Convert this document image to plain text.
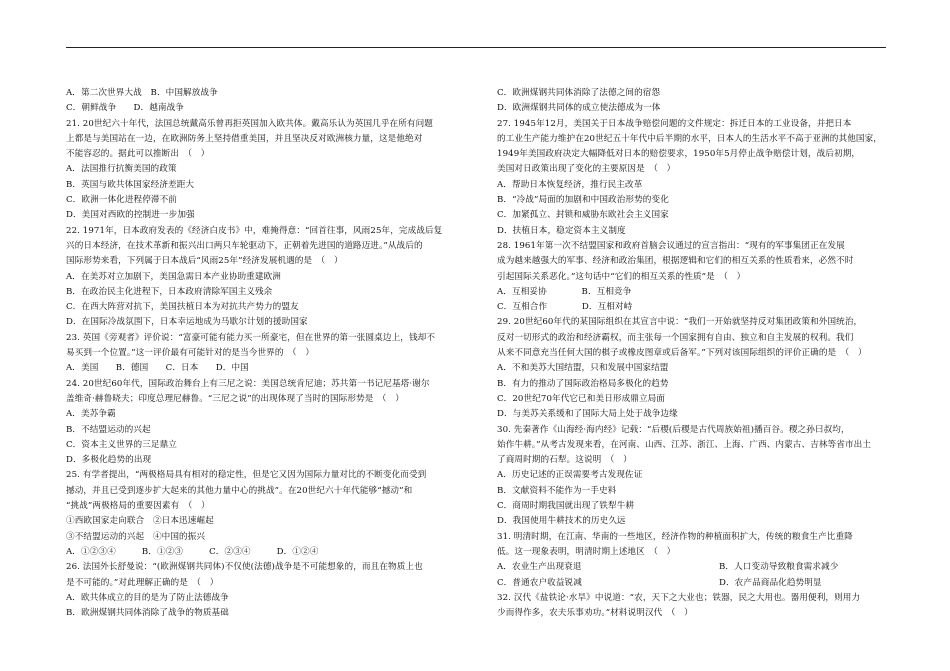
A．第二次世界大战　B．中国解放战争
C．朝鲜战争　　D．越南战争
21. 20世纪六十年代，法国总统戴高乐曾再拒英国加入欧共体。戴高乐认为英国几乎在所有问题
上都是与美国站在一边，在欧洲防务上坚持借重美国，并且坚决反对欧洲核力量，这是他绝对
不能容忍的。据此可以推断出　（　）
A．法国推行抗衡美国的政策
B．英国与欧共体国家经济差距大
C．欧洲一体化进程停滞不前
D．美国对西欧的控制进一步加强
22. 1971年，日本政府发表的《经济白皮书》中，难掩得意：“回首往事，风雨25年，完成战后复
兴的日本经济，在技术革新和振兴出口两只车轮驱动下，正朝着先进国的道路迈进。”从战后的
国际形势来看，下列属于日本战后“风雨25年”经济发展机遇的是　（　）
A．在美苏对立加剧下，美国急需日本产业协助重建欧洲
B．在政治民主化进程下，日本政府清除军国主义残余
C．在西大阵营对抗下，美国扶植日本为对抗共产势力的盟友
D．在国际冷战氛围下，日本幸运地成为马歇尔计划的援助国家
23. 英国《旁观者》评价说：“富豪可能有能力买一所豪宅，但在世界的第一张圆桌边上，钱却不
易买到一个位置。”这一评价最有可能针对的是当今世界的　（　）
A．美国　　B．德国　　C．日本　　D．中国
24. 20世纪60年代，国际政治舞台上有三尼之说：美国总统肯尼迪；苏共第一书记尼基塔·谢尔
盖维奇·赫鲁晓夫；印度总理尼赫鲁。“三尼之说”的出现体现了当时的国际形势是　（　）
A．美苏争霸
B．不结盟运动的兴起
C．资本主义世界的三足鼎立
D．多极化趋势的出现
25. 有学者提出，“两极格局具有相对的稳定性，但是它又因为国际力量对比的不断变化而受到
撼动，并且已受到逐步扩大起来的其他力量中心的挑战”。在20世纪六十年代能够“撼动”和
“挑战”两极格局的重要因素有　（　）
①西欧国家走向联合　②日本迅速崛起
③不结盟运动的兴起　④中国的振兴
A．①②③④　　　B．①②③　　　C．②③④　　　D．①②④
26. 法国外长舒曼说：“(欧洲煤钢共同体)不仅使(法德)战争是不可能想象的，而且在物质上也
是不可能的。”对此理解正确的是　（　）
A．欧共体成立的目的是为了防止法德战争
B．欧洲煤钢共同体消除了战争的物质基础
C．欧洲煤钢共同体消除了法德之间的宿怨
D．欧洲煤钢共同体的成立使法德成为一体
27. 1945年12月，美国关于日本战争赔偿问题的文件规定：拆迁日本的工业设备，并把日本
的工业生产能力维护在20世纪五十年代中后半期的水平，日本人的生活水平不高于亚洲的其他国家，
1949年美国政府决定大幅降低对日本的赔偿要求，1950年5月停止战争赔偿计划，战后初期，
美国对日政策出现了变化的主要原因是　（　）
A．帮助日本恢复经济，推行民主改革
B．“冷战”局面的加剧和中国政治形势的变化
C．加紧孤立、封锁和威胁东欧社会主义国家
D．扶植日本，稳定资本主义制度
28. 1961年第一次不结盟国家和政府首脑会议通过的宣言指出：“现有的军事集团正在发展
成为越来越强大的军事、经济和政治集团，根据逻辑和它们的相互关系的性质看来，必然不时
引起国际关系恶化。”这句话中“它们的相互关系的性质”是　（　）
A．互相妥协　　　　B．互相竞争
C．互相合作　　　　D．互相对峙
29. 20世纪60年代的某国际组织在其宣言中说：“我们一开始就坚持反对集团政策和外国统治，
反对一切形式的政治和经济霸权，而主张每一个国家拥有自由、独立和自主发展的权利。我们
从来不同意充当任何大国的棋子或橡皮图章或后备军。”下列对该国际组织的评价正确的是　（　）
A．不和美苏大国结盟，只和发展中国家结盟
B．有力的推动了国际政治格局多极化的趋势
C．20世纪70年代它已和美日形成鼎立局面
D．与美苏关系缓和了国际大局上处于战争边缘
30. 先秦著作《山海经·海内经》记载：“后稷(后稷是古代周族始祖)播百谷。稷之孙曰叔均，
始作牛耕。”从考古发现来看，在河南、山西、江苏、浙江、上海、广西、内蒙古、吉林等省市出土
了商周时期的石犁。这说明　（　）
A．历史记述的正误需要考古发现佐证
B．文献资料不能作为一手史料
C．商周时期我国就出现了铁犁牛耕
D．我国使用牛耕技术的历史久远
31. 明清时期，在江南、华南的一些地区，经济作物的种植面积扩大，传统的粮食生产比重降
低。这一现象表明，明清时期上述地区　（　）
A．农业生产出现衰退	B．人口变动导致粮食需求减少
C．普通农户收益锐减	D．农产品商品化趋势明显
32. 汉代《盐铁论·水旱》中说道：“农，天下之大业也；铁器，民之大用也。器用便利，则用力
少而得作多，农夫乐事劝功。”材料说明汉代　（　）
